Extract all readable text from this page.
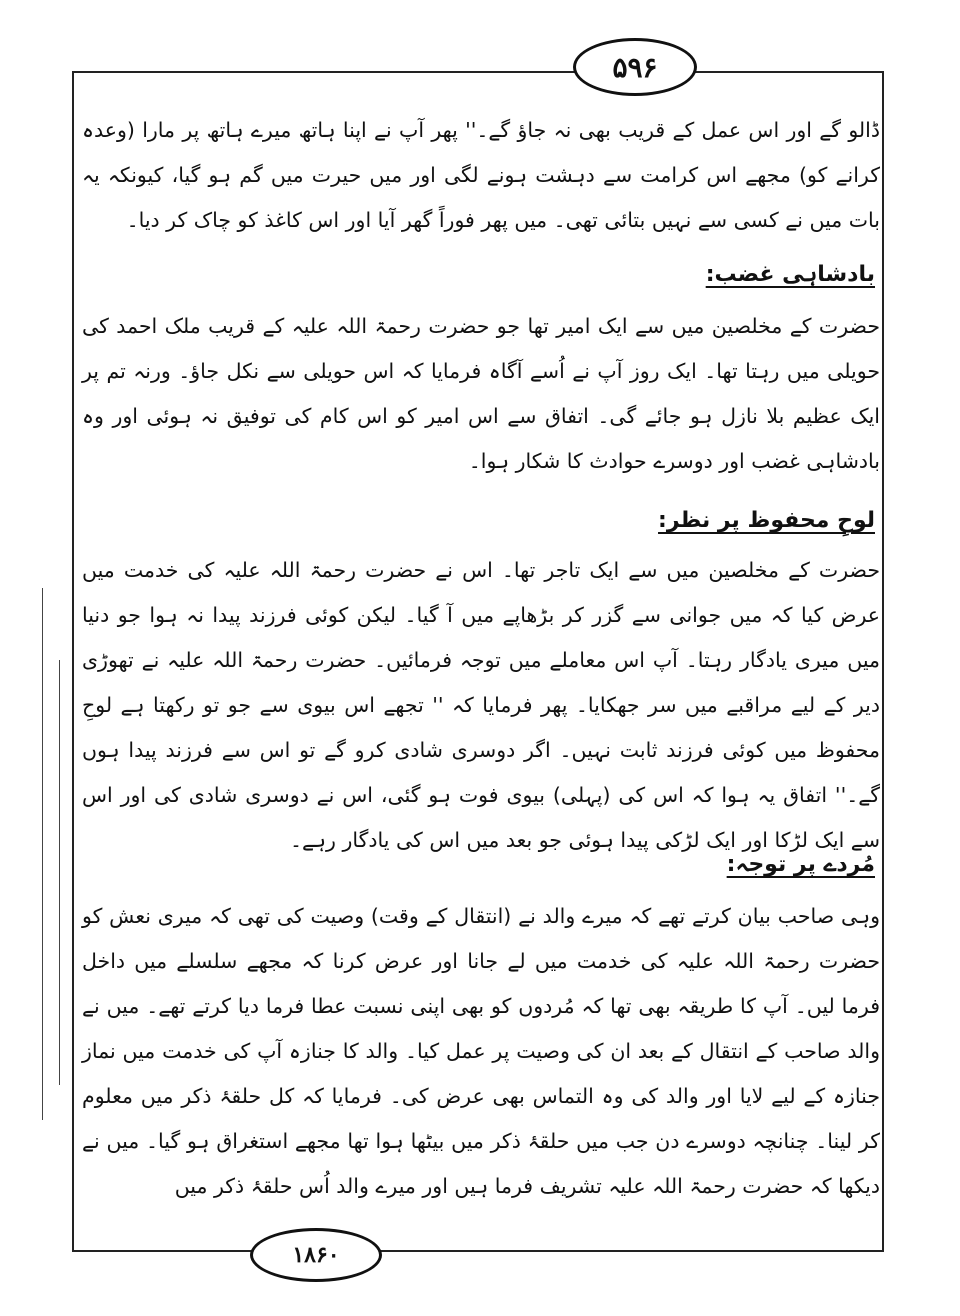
۵۹۶

ڈالو گے اور اس عمل کے قریب بھی نہ جاؤ گے۔'' پھر آپ نے اپنا ہاتھ میرے ہاتھ پر مارا (وعدہ کرانے کو) مجھے اس کرامت سے دہشت ہونے لگی اور میں حیرت میں گم ہو گیا، کیونکہ یہ بات میں نے کسی سے نہیں بتائی تھی۔ میں پھر فوراً گھر آیا اور اس کاغذ کو چاک کر دیا۔

بادشاہی غضب:

حضرت کے مخلصین میں سے ایک امیر تھا جو حضرت رحمۃ اللہ علیہ کے قریب ملک احمد کی حویلی میں رہتا تھا۔ ایک روز آپ نے اُسے آگاہ فرمایا کہ اس حویلی سے نکل جاؤ۔ ورنہ تم پر ایک عظیم بلا نازل ہو جائے گی۔ اتفاق سے اس امیر کو اس کام کی توفیق نہ ہوئی اور وہ بادشاہی غضب اور دوسرے حوادث کا شکار ہوا۔

لوحِ محفوظ پر نظر:

حضرت کے مخلصین میں سے ایک تاجر تھا۔ اس نے حضرت رحمۃ اللہ علیہ کی خدمت میں عرض کیا کہ میں جوانی سے گزر کر بڑھاپے میں آ گیا۔ لیکن کوئی فرزند پیدا نہ ہوا جو دنیا میں میری یادگار رہتا۔ آپ اس معاملے میں توجہ فرمائیں۔ حضرت رحمۃ اللہ علیہ نے تھوڑی دیر کے لیے مراقبے میں سر جھکایا۔ پھر فرمایا کہ '' تجھے اس بیوی سے جو تو رکھتا ہے لوحِ محفوظ میں کوئی فرزند ثابت نہیں۔ اگر دوسری شادی کرو گے تو اس سے فرزند پیدا ہوں گے۔'' اتفاق یہ ہوا کہ اس کی (پہلی) بیوی فوت ہو گئی، اس نے دوسری شادی کی اور اس سے ایک لڑکا اور ایک لڑکی پیدا ہوئی جو بعد میں اس کی یادگار رہے۔

مُردے پر توجہ:

وہی صاحب بیان کرتے تھے کہ میرے والد نے (انتقال کے وقت) وصیت کی تھی کہ میری نعش کو حضرت رحمۃ اللہ علیہ کی خدمت میں لے جانا اور عرض کرنا کہ مجھے سلسلے میں داخل فرما لیں۔ آپ کا طریقہ بھی تھا کہ مُردوں کو بھی اپنی نسبت عطا فرما دیا کرتے تھے۔ میں نے والد صاحب کے انتقال کے بعد ان کی وصیت پر عمل کیا۔ والد کا جنازہ آپ کی خدمت میں نماز جنازہ کے لیے لایا اور والد کی وہ التماس بھی عرض کی۔ فرمایا کہ کل حلقۂ ذکر میں معلوم کر لینا۔ چنانچہ دوسرے دن جب میں حلقۂ ذکر میں بیٹھا ہوا تھا مجھے استغراق ہو گیا۔ میں نے دیکھا کہ حضرت رحمۃ اللہ علیہ تشریف فرما ہیں اور میرے والد اُس حلقۂ ذکر میں

۱۸۶۰
